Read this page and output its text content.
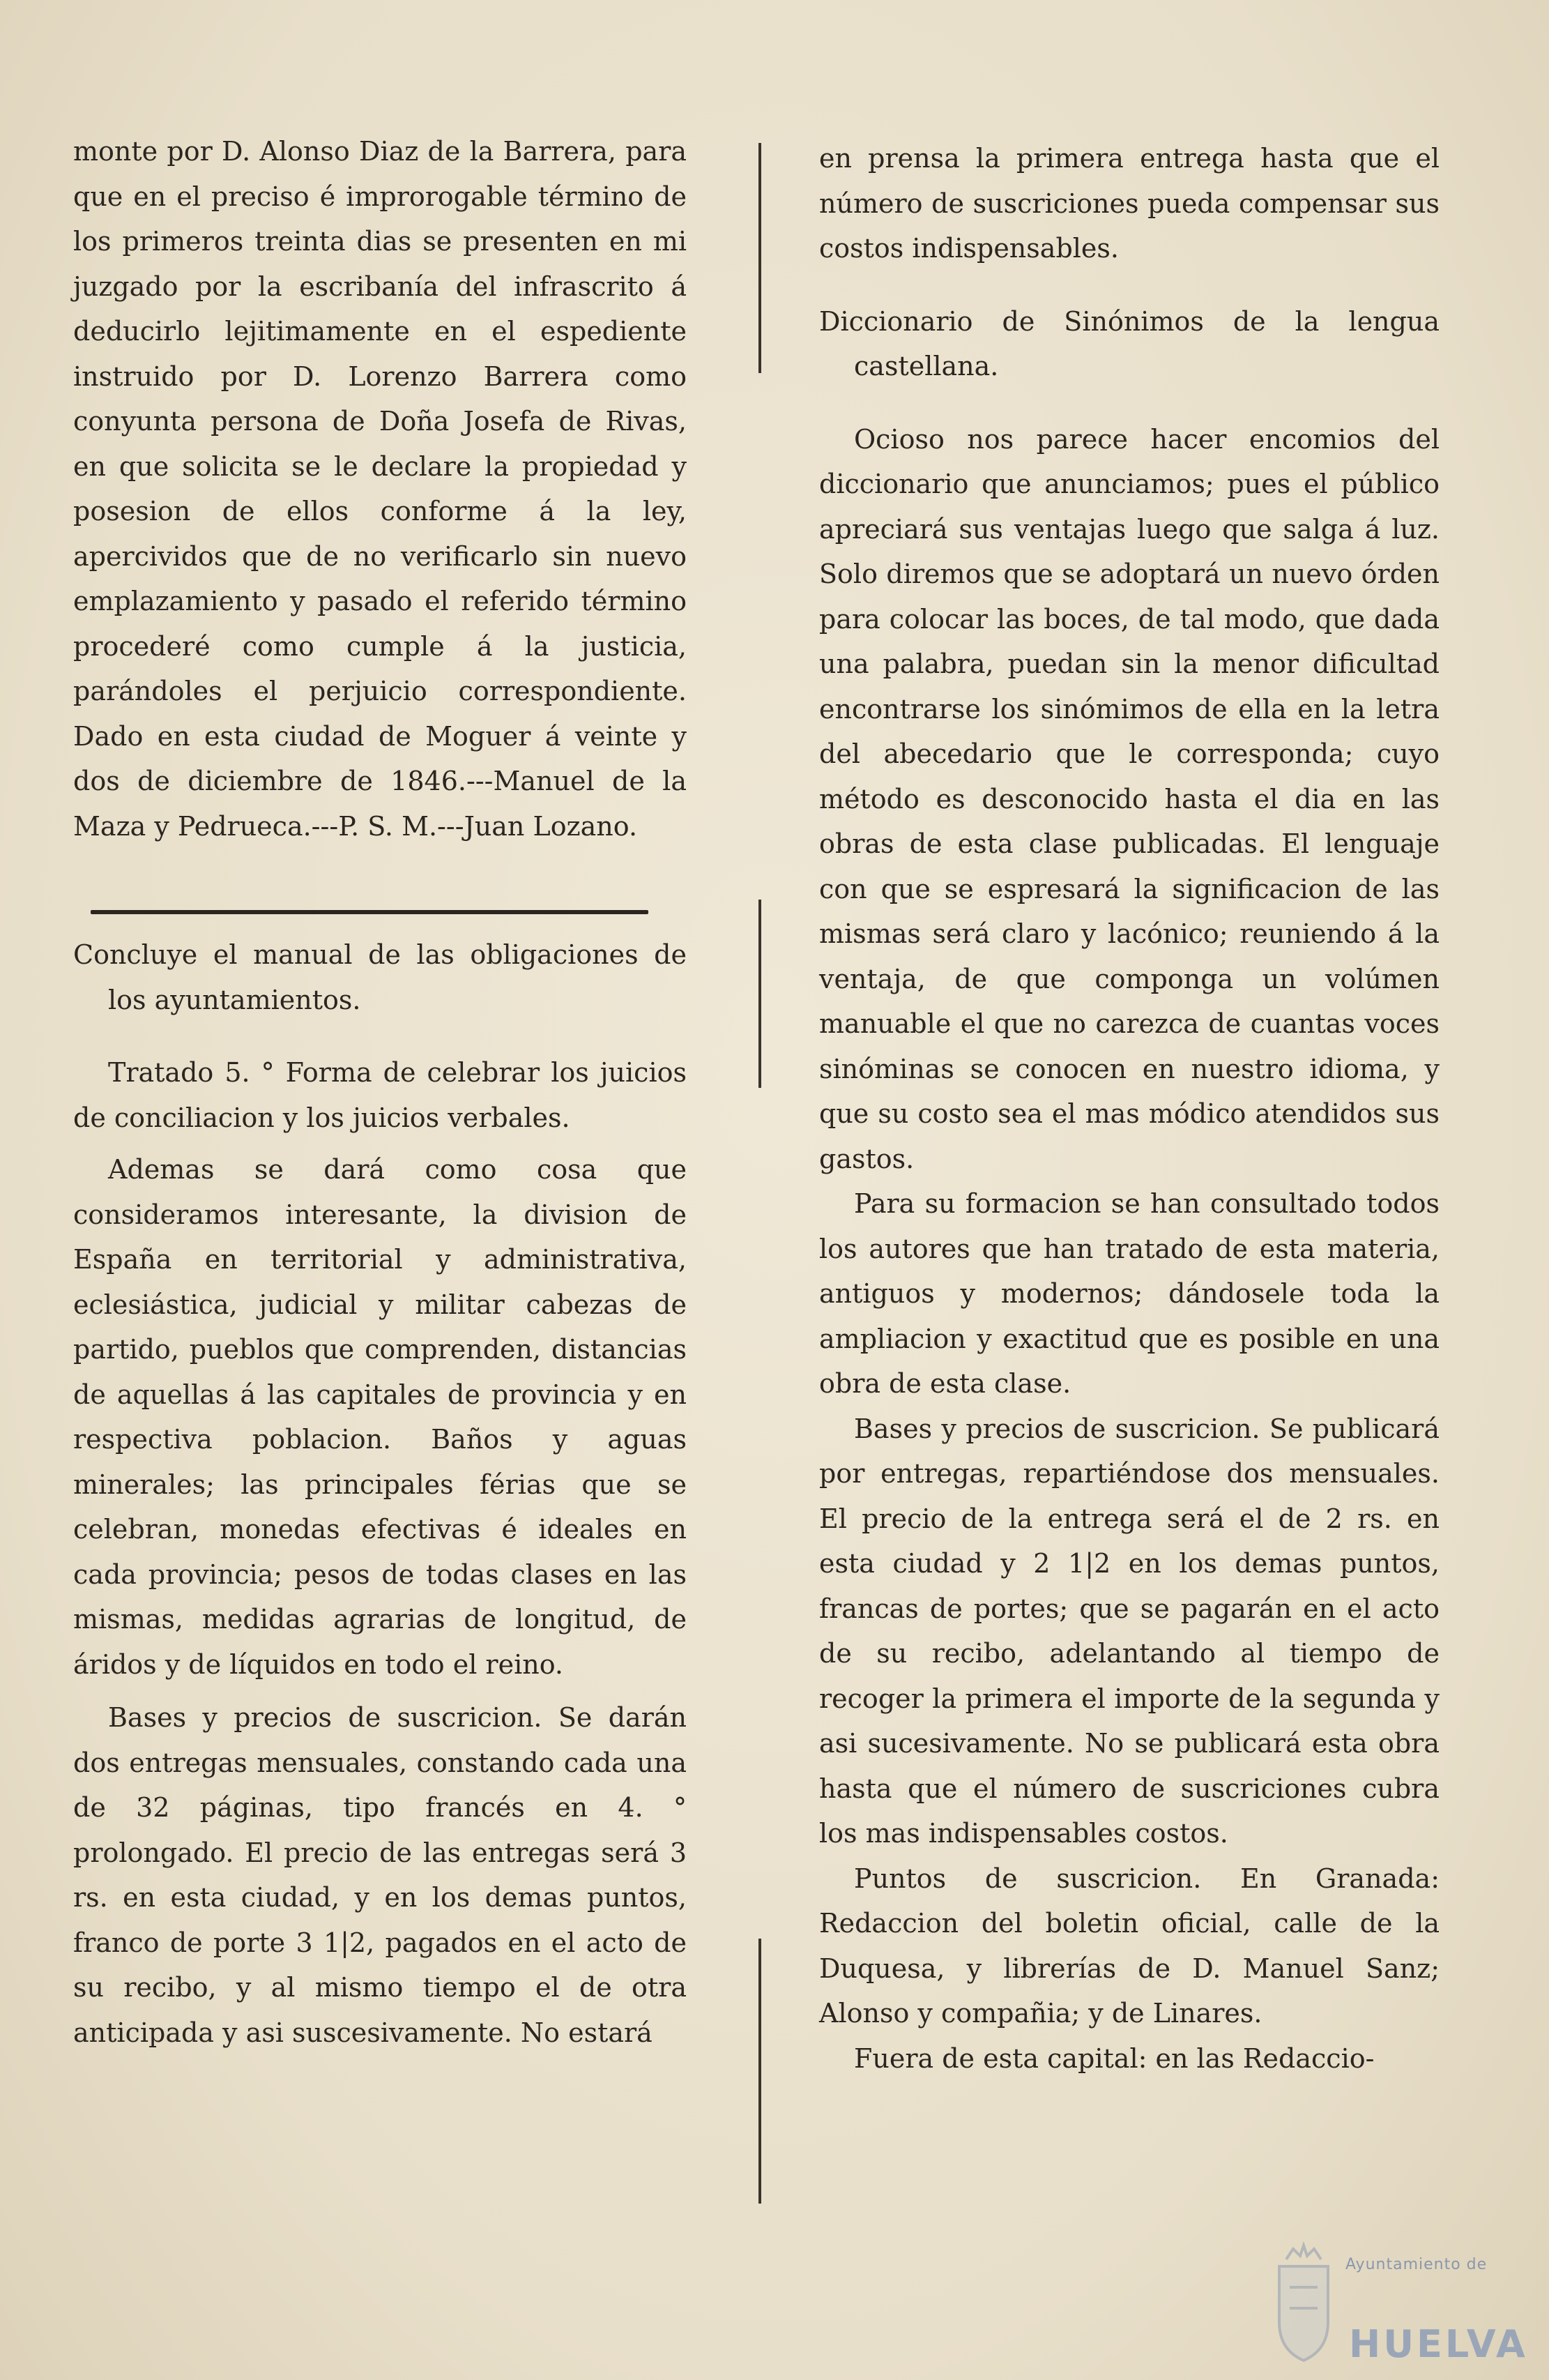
monte por D. Alonso Diaz de la Barrera, para que en el preciso é improrogable término de los primeros treinta dias se presenten en mi juzgado por la escribanía del infrascrito á deducirlo lejitimamente en el espediente instruido por D. Lorenzo Barrera como conyunta persona de Doña Josefa de Rivas, en que solicita se le declare la propiedad y posesion de ellos conforme á la ley, apercividos que de no verificarlo sin nuevo emplazamiento y pasado el referido término procederé como cumple á la justicia, parándoles el perjuicio correspondiente. Dado en esta ciudad de Moguer á veinte y dos de diciembre de 1846.---Manuel de la Maza y Pedrueca.---P. S. M.---Juan Lozano.

Concluye el manual de las obligaciones de los ayuntamientos.

Tratado 5. ° Forma de celebrar los juicios de conciliacion y los juicios verbales.

Ademas se dará como cosa que consideramos interesante, la division de España en territorial y administrativa, eclesiástica, judicial y militar cabezas de partido, pueblos que comprenden, distancias de aquellas á las capitales de provincia y en respectiva poblacion. Baños y aguas minerales; las principales férias que se celebran, monedas efectivas é ideales en cada provincia; pesos de todas clases en las mismas, medidas agrarias de longitud, de áridos y de líquidos en todo el reino.

Bases y precios de suscricion. Se darán dos entregas mensuales, constando cada una de 32 páginas, tipo francés en 4. ° prolongado. El precio de las entregas será 3 rs. en esta ciudad, y en los demas puntos, franco de porte 3 1|2, pagados en el acto de su recibo, y al mismo tiempo el de otra anticipada y asi suscesivamente. No estará

en prensa la primera entrega hasta que el número de suscriciones pueda compensar sus costos indispensables.

Diccionario de Sinónimos de la lengua castellana.

Ocioso nos parece hacer encomios del diccionario que anunciamos; pues el público apreciará sus ventajas luego que salga á luz. Solo diremos que se adoptará un nuevo órden para colocar las boces, de tal modo, que dada una palabra, puedan sin la menor dificultad encontrarse los sinómimos de ella en la letra del abecedario que le corresponda; cuyo método es desconocido hasta el dia en las obras de esta clase publicadas. El lenguaje con que se espresará la significacion de las mismas será claro y lacónico; reuniendo á la ventaja, de que componga un volúmen manuable el que no carezca de cuantas voces sinóminas se conocen en nuestro idioma, y que su costo sea el mas módico atendidos sus gastos.

Para su formacion se han consultado todos los autores que han tratado de esta materia, antiguos y modernos; dándosele toda la ampliacion y exactitud que es posible en una obra de esta clase.

Bases y precios de suscricion. Se publicará por entregas, repartiéndose dos mensuales. El precio de la entrega será el de 2 rs. en esta ciudad y 2 1|2 en los demas puntos, francas de portes; que se pagarán en el acto de su recibo, adelantando al tiempo de recoger la primera el importe de la segunda y asi sucesivamente. No se publicará esta obra hasta que el número de suscriciones cubra los mas indispensables costos.

Puntos de suscricion. En Granada: Redaccion del boletin oficial, calle de la Duquesa, y librerías de D. Manuel Sanz; Alonso y compañia; y de Linares.

Fuera de esta capital: en las Redaccio-

Ayuntamiento de
HUELVA
